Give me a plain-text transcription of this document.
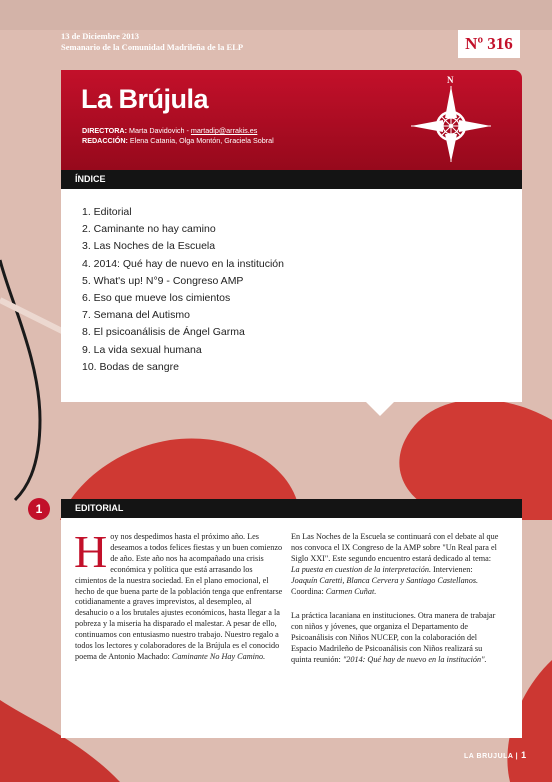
13 de Diciembre 2013
Semanario de la Comunidad Madrileña de la ELP	Nº 316
La Brújula
DIRECTORA: Marta Davidovich - martadip@arrakis.es
REDACCIÓN: Elena Catania, Olga Montón, Graciela Sobral
N
ÍNDICE
1. Editorial
2. Caminante no hay camino
3. Las Noches de la Escuela
4. 2014: Qué hay de nuevo en la institución
5. What's up! N°9 - Congreso AMP
6. Eso que mueve los cimientos
7. Semana del Autismo
8. El psicoanálisis de Ángel Garma
9. La vida sexual humana
10. Bodas de sangre
1	EDITORIAL

Hoy nos despedimos hasta el próximo año. Les deseamos a todos felices fiestas y un buen comienzo de año. Este año nos ha acompañado una crisis económica y política que está arrasando los cimientos de la nuestra sociedad. En el plano emocional, el hecho de que buena parte de la población tenga que enfrentarse cotidianamente a graves imprevistos, al desempleo, al desahucio o a los brutales ajustes económicos, hasta llegar a la pobreza y la miseria ha disparado el malestar. A pesar de ello, continuamos con entusiasmo nuestro trabajo. Nuestro regalo a todos los lectores y colaboradores de la Brújula es el conocido poema de Antonio Machado: Caminante No Hay Camino.

En Las Noches de la Escuela se continuará con el debate al que nos convoca el IX Congreso de la AMP sobre "Un Real para el Siglo XXI". Este segundo encuentro estará dedicado al tema: La puesta en cuestion de la interpretación. Intervienen: Joaquín Caretti, Blanca Cervera y Santiago Castellanos. Coordina: Carmen Cuñat.

La práctica lacaniana en instituciones. Otra manera de trabajar con niños y jóvenes, que organiza el Departamento de Psicoanálisis con Niños NUCEP, con la colaboración del Espacio Madrileño de Psicoanálisis con Niños realizará su quinta reunión: "2014: Qué hay de nuevo en la institución".

LA BRUJULA | 1
